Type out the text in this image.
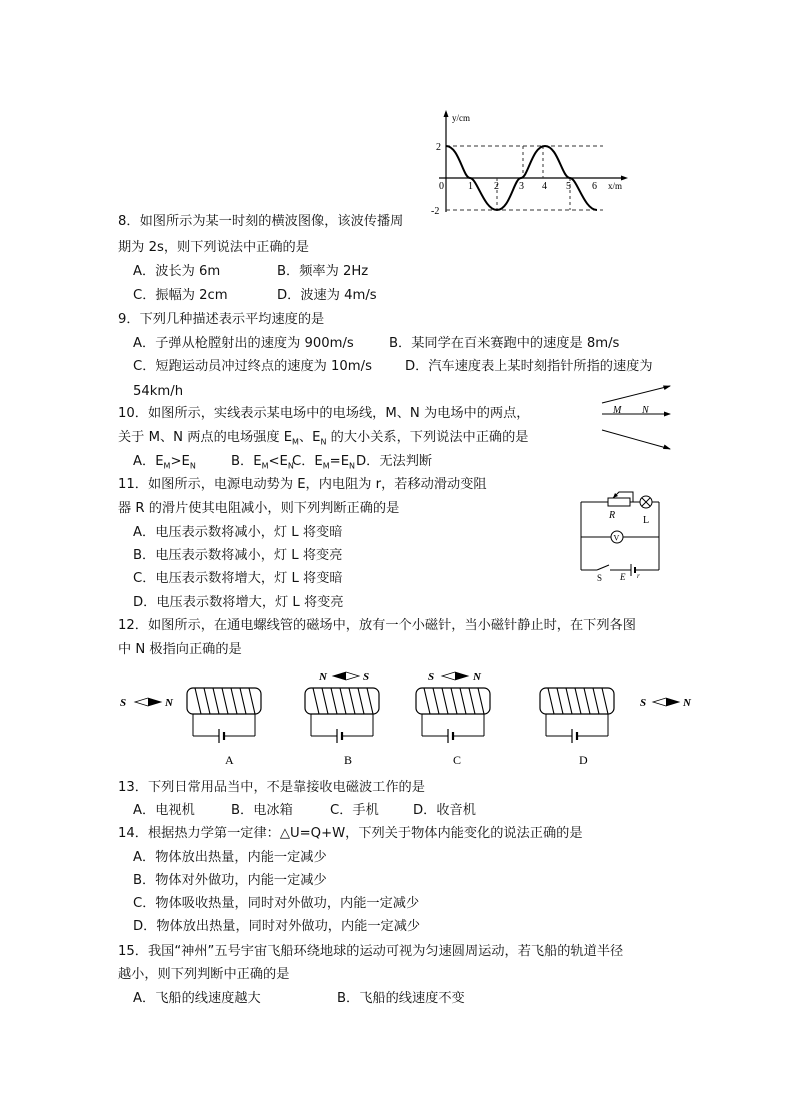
y/cm
x/m
2
-2
0 1 2 3 4 5 6
8．如图所示为某一时刻的横波图像，该波传播周
期为 2s，则下列说法中正确的是
A．波长为 6m	B．频率为 2Hz
C．振幅为 2cm	D．波速为 4m/s
9．下列几种描述表示平均速度的是
A．子弹从枪膛射出的速度为 900m/s	B．某同学在百米赛跑中的速度是 8m/s
C．短跑运动员冲过终点的速度为 10m/s	D．汽车速度表上某时刻指针所指的速度为
54km/h
M N
10．如图所示，实线表示某电场中的电场线，M、N 为电场中的两点，
关于 M、N 两点的电场强度 $E_M$、$E_N$ 的大小关系，下列说法中正确的是
A．$E_M>E_N$	B．$E_M<E_N$
C．$E_M=E_N$ D．无法判断
V
R	L
S E r
11．如图所示，电源电动势为 E，内电阻为 r，若移动滑动变阻
器 R 的滑片使其电阻减小，则下列判断正确的是
A．电压表示数将减小，灯 L 将变暗
B．电压表示数将减小，灯 L 将变亮
C．电压表示数将增大，灯 L 将变暗
D．电压表示数将增大，灯 L 将变亮
12．如图所示，在通电螺线管的磁场中，放有一个小磁针，当小磁针静止时，在下列各图
中 N 极指向正确的是
S	N
N	S	S	N
S	N
A	B	C	D
13．下列日常用品当中，不是靠接收电磁波工作的是
A．电视机	B．电冰箱	C．手机	D．收音机
14．根据热力学第一定律：△U=Q+W，下列关于物体内能变化的说法正确的是
A．物体放出热量，内能一定减少
B．物体对外做功，内能一定减少
C．物体吸收热量，同时对外做功，内能一定减少
D．物体放出热量，同时对外做功，内能一定减少
15．我国“神州”五号宇宙飞船环绕地球的运动可视为匀速圆周运动，若飞船的轨道半径
越小，则下列判断中正确的是
A．飞船的线速度越大	B．飞船的线速度不变
